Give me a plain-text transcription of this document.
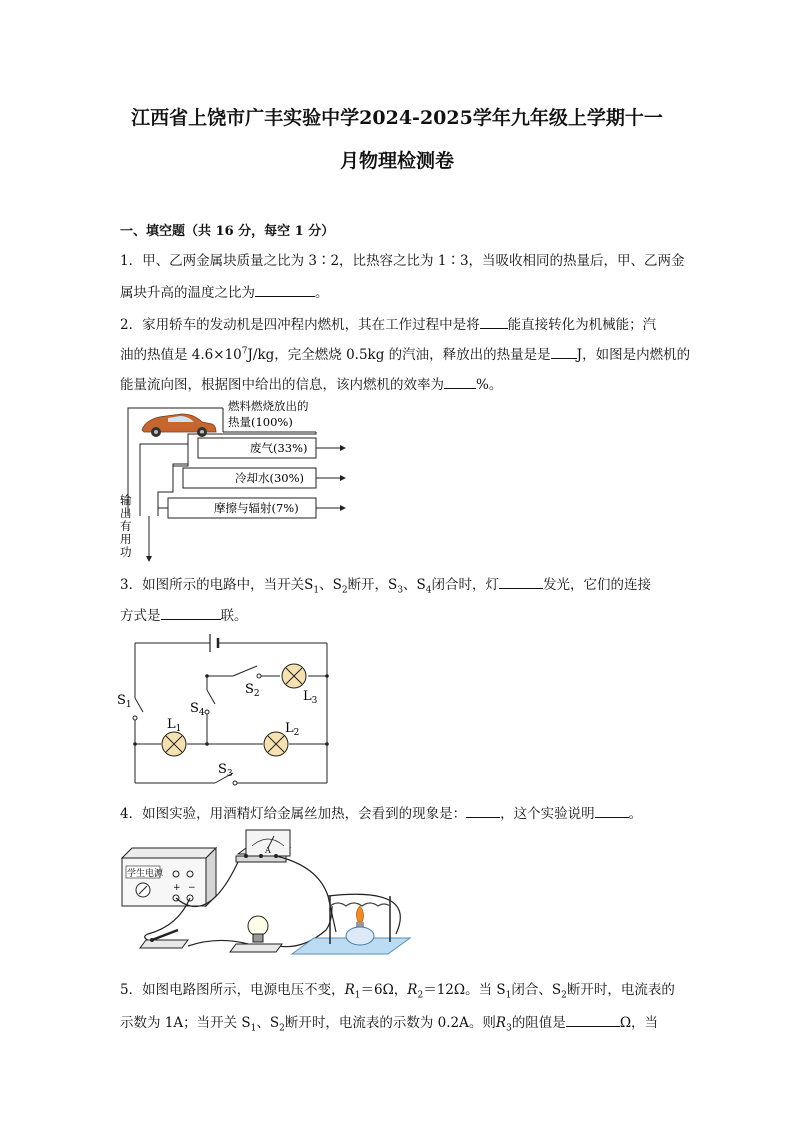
江西省上饶市广丰实验中学2024-2025学年九年级上学期十一
月物理检测卷
一、填空题（共 16 分，每空 1 分）
1．甲、乙两金属块质量之比为 3∶2，比热容之比为 1∶3，当吸收相同的热量后，甲、乙两金
属块升高的温度之比为	。
2．家用轿车的发动机是四冲程内燃机，其在工作过程中是将 能直接转化为机械能；汽
油的热值是 $4.6\times 10^7J/kg$，完全燃烧 0.5kg 的汽油，释放出的热量是是 J，如图是内燃机的
能量流向图，根据图中给出的信息，该内燃机的效率为 %。
燃料燃烧放出的
热量(100%)
废气(33%)
冷却水(30%)
摩擦与辐射(7%)
输
出
有
用
功
3．如图所示的电路中，当开关$S_1$、$S_2$断开，$S_3$、$S_4$闭合时，灯	发光，它们的连接
方式是	联。
$S_1$
$S_2$
$S_4$
$S_3$
$L_3$
$L_1$	$L_2$
4．如图实验，用酒精灯给金属丝加热，会看到的现象是：	，这个实验说明	。
学生电源
+ −
A
5．如图电路图所示，电源电压不变，$R_1=6\Omega$，$R_2=12\Omega$。当 $S_1$闭合、$S_2$断开时，电流表的
示数为 1A；当开关 $S_1$、$S_2$断开时，电流表的示数为 0.2A。则$R_3$的阻值是	Ω，当
